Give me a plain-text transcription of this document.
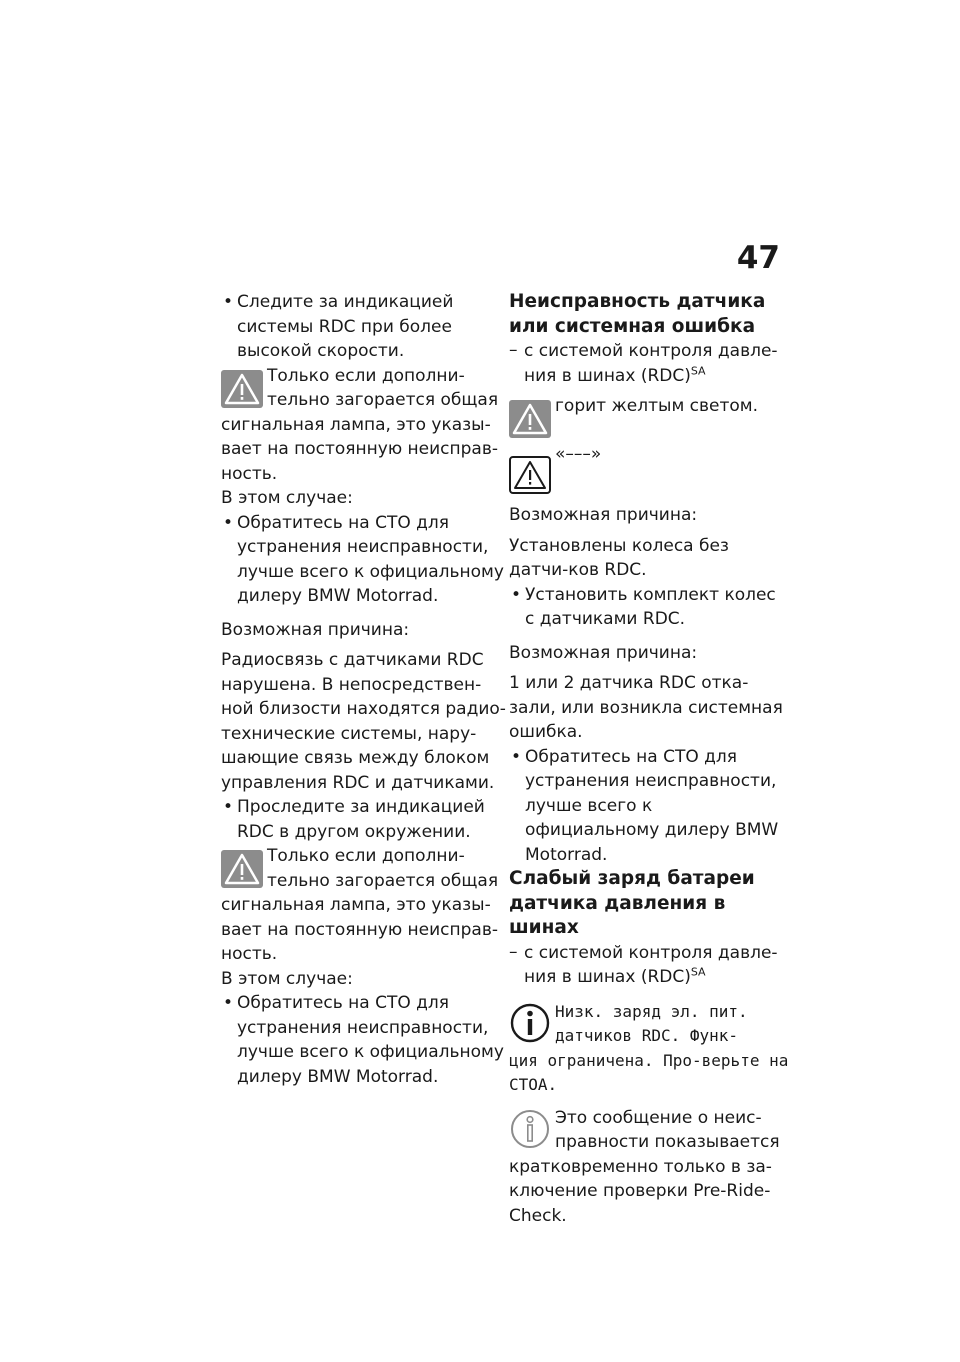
47

• Следите за индикацией системы RDC при более высокой скорости.

Только если дополни-тельно загорается общая

сигнальная лампа, это указы-вает на постоянную неисправ-ность.

В этом случае:

• Обратитесь на СТО для устранения неисправности, лучше всего к официальному дилеру BMW Motorrad.

Возможная причина:

Радиосвязь с датчиками RDC нарушена. В непосредствен-ной близости находятся радио-технические системы, нару-шающие связь между блоком управления RDC и датчиками.

• Проследите за индикацией RDC в другом окружении.

Только если дополни-тельно загорается общая

сигнальная лампа, это указы-вает на постоянную неисправ-ность.

В этом случае:

• Обратитесь на СТО для устранения неисправности, лучше всего к официальному дилеру BMW Motorrad.

Неисправность датчика или системная ошибка

– с системой контроля давле-ния в шинах (RDC)$^{SA}$

горит желтым светом.

«–––»

Возможная причина:

Установлены колеса без датчи-ков RDC.

• Установить комплект колес с датчиками RDC.

Возможная причина:

1 или 2 датчика RDC отка-зали, или возникла системная ошибка.

• Обратитесь на СТО для устранения неисправности, лучше всего к официальному дилеру BMW Motorrad.

Слабый заряд батареи датчика давления в шинах

– с системой контроля давле-ния в шинах (RDC)$^{SA}$

Низк. заряд эл. пит. датчиков RDC. Функ-

ция ограничена. Про-верьте на СТОА.

Это сообщение о неис-правности показывается

кратковременно только в за-ключение проверки Pre-Ride-Check.
